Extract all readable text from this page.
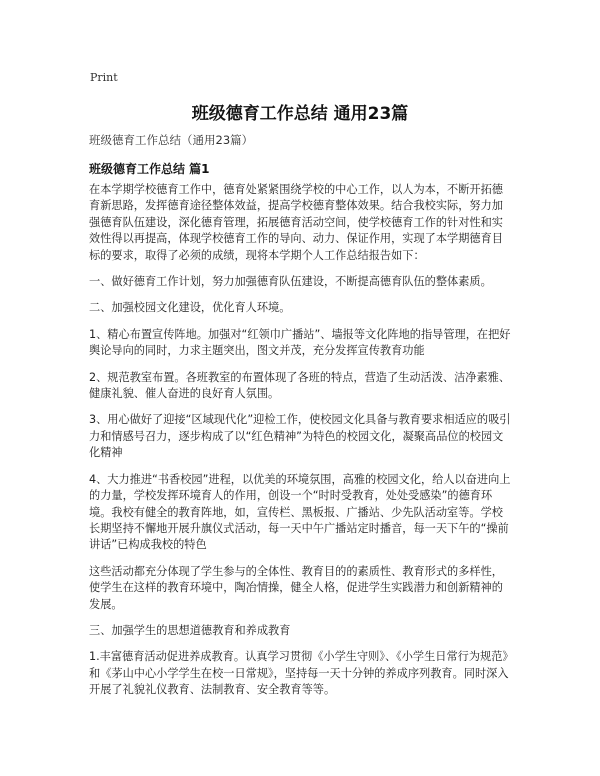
Print
班级德育工作总结 通用23篇
班级德育工作总结（通用23篇）
班级德育工作总结 篇1

在本学期学校德育工作中，德育处紧紧围绕学校的中心工作，以人为本，不断开拓德育新思路，发挥德育途径整体效益，提高学校德育整体效果。结合我校实际，努力加强德育队伍建设，深化德育管理，拓展德育活动空间，使学校德育工作的针对性和实效性得以再提高，体现学校德育工作的导向、动力、保证作用，实现了本学期德育目标的要求，取得了必须的成绩，现将本学期个人工作总结报告如下：

一、做好德育工作计划，努力加强德育队伍建设，不断提高德育队伍的整体素质。

二、加强校园文化建设，优化育人环境。

1、精心布置宣传阵地。加强对“红领巾广播站”、墙报等文化阵地的指导管理，在把好舆论导向的同时，力求主题突出，图文并茂，充分发挥宣传教育功能

2、规范教室布置。各班教室的布置体现了各班的特点，营造了生动活泼、洁净素雅、健康礼貌、催人奋进的良好育人氛围。

3、用心做好了迎接“区域现代化”迎检工作，使校园文化具备与教育要求相适应的吸引力和情感号召力，逐步构成了以“红色精神”为特色的校园文化，凝聚高品位的校园文化精神

4、大力推进“书香校园”进程，以优美的环境氛围，高雅的校园文化，给人以奋进向上的力量，学校发挥环境育人的作用，创设一个“时时受教育，处处受感染”的德育环境。我校有健全的教育阵地，如，宣传栏、黑板报、广播站、少先队活动室等。学校长期坚持不懈地开展升旗仪式活动，每一天中午广播站定时播音，每一天下午的“操前讲话”已构成我校的特色

这些活动都充分体现了学生参与的全体性、教育目的的素质性、教育形式的多样性，使学生在这样的教育环境中，陶冶情操，健全人格，促进学生实践潜力和创新精神的发展。

三、加强学生的思想道德教育和养成教育

1.丰富德育活动促进养成教育。认真学习贯彻《小学生守则》、《小学生日常行为规范》和《茅山中心小学学生在校一日常规》，坚持每一天十分钟的养成序列教育。同时深入开展了礼貌礼仪教育、法制教育、安全教育等等。
